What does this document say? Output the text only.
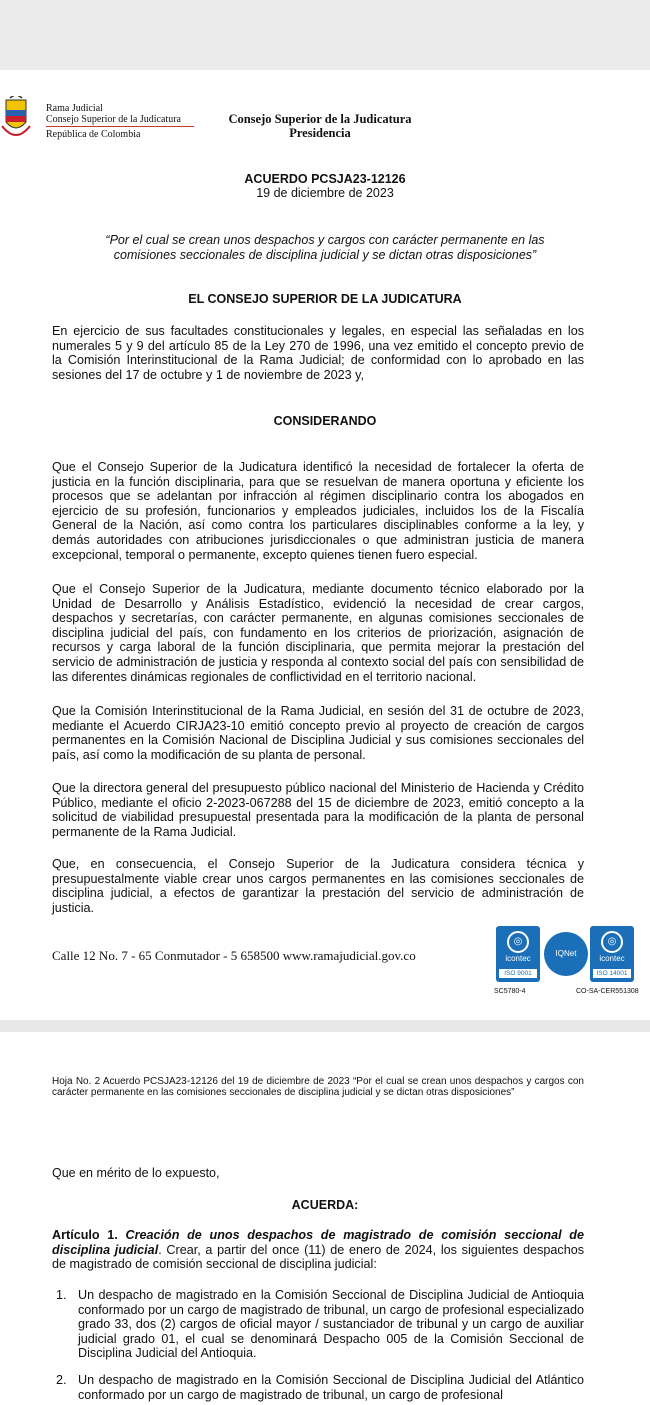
Rama Judicial
Consejo Superior de la Judicatura
República de Colombia
Consejo Superior de la Judicatura
Presidencia
ACUERDO PCSJA23-12126
19 de diciembre de 2023
“Por el cual se crean unos despachos y cargos con carácter permanente en las comisiones seccionales de disciplina judicial y se dictan otras disposiciones”
EL CONSEJO SUPERIOR DE LA JUDICATURA
En ejercicio de sus facultades constitucionales y legales, en especial las señaladas en los numerales 5 y 9 del artículo 85 de la Ley 270 de 1996, una vez emitido el concepto previo de la Comisión Interinstitucional de la Rama Judicial; de conformidad con lo aprobado en las sesiones del 17 de octubre y 1 de noviembre de 2023 y,
CONSIDERANDO
Que el Consejo Superior de la Judicatura identificó la necesidad de fortalecer la oferta de justicia en la función disciplinaria, para que se resuelvan de manera oportuna y eficiente los procesos que se adelantan por infracción al régimen disciplinario contra los abogados en ejercicio de su profesión, funcionarios y empleados judiciales, incluidos los de la Fiscalía General de la Nación, así como contra los particulares disciplinables conforme a la ley, y demás autoridades con atribuciones jurisdiccionales o que administran justicia de manera excepcional, temporal o permanente, excepto quienes tienen fuero especial.
Que el Consejo Superior de la Judicatura, mediante documento técnico elaborado por la Unidad de Desarrollo y Análisis Estadístico, evidenció la necesidad de crear cargos, despachos y secretarías, con carácter permanente, en algunas comisiones seccionales de disciplina judicial del país, con fundamento en los criterios de priorización, asignación de recursos y carga laboral de la función disciplinaria, que permita mejorar la prestación del servicio de administración de justicia y responda al contexto social del país con sensibilidad de las diferentes dinámicas regionales de conflictividad en el territorio nacional.
Que la Comisión Interinstitucional de la Rama Judicial, en sesión del 31 de octubre de 2023, mediante el Acuerdo CIRJA23-10 emitió concepto previo al proyecto de creación de cargos permanentes en la Comisión Nacional de Disciplina Judicial y sus comisiones seccionales del país, así como la modificación de su planta de personal.
Que la directora general del presupuesto público nacional del Ministerio de Hacienda y Crédito Público, mediante el oficio 2-2023-067288 del 15 de diciembre de 2023, emitió concepto a la solicitud de viabilidad presupuestal presentada para la modificación de la planta de personal permanente de la Rama Judicial.
Que, en consecuencia, el Consejo Superior de la Judicatura considera técnica y presupuestalmente viable crear unos cargos permanentes en las comisiones seccionales de disciplina judicial, a efectos de garantizar la prestación del servicio de administración de justicia.
Calle 12 No. 7 - 65 Conmutador - 5 658500 www.ramajudicial.gov.co
◎
icontec
ISO 9001
IQNet
◎
icontec
ISO 14001
SC5780-4	CO-SA-CER551308
Hoja No. 2 Acuerdo PCSJA23-12126 del 19 de diciembre de 2023 “Por el cual se crean unos despachos y cargos con carácter permanente en las comisiones seccionales de disciplina judicial y se dictan otras disposiciones”
Que en mérito de lo expuesto,
ACUERDA:
Artículo 1. Creación de unos despachos de magistrado de comisión seccional de disciplina judicial. Crear, a partir del once (11) de enero de 2024, los siguientes despachos de magistrado de comisión seccional de disciplina judicial:
1. Un despacho de magistrado en la Comisión Seccional de Disciplina Judicial de Antioquia conformado por un cargo de magistrado de tribunal, un cargo de profesional especializado grado 33, dos (2) cargos de oficial mayor / sustanciador de tribunal y un cargo de auxiliar judicial grado 01, el cual se denominará Despacho 005 de la Comisión Seccional de Disciplina Judicial del Antioquia.
2. Un despacho de magistrado en la Comisión Seccional de Disciplina Judicial del Atlántico conformado por un cargo de magistrado de tribunal, un cargo de profesional
